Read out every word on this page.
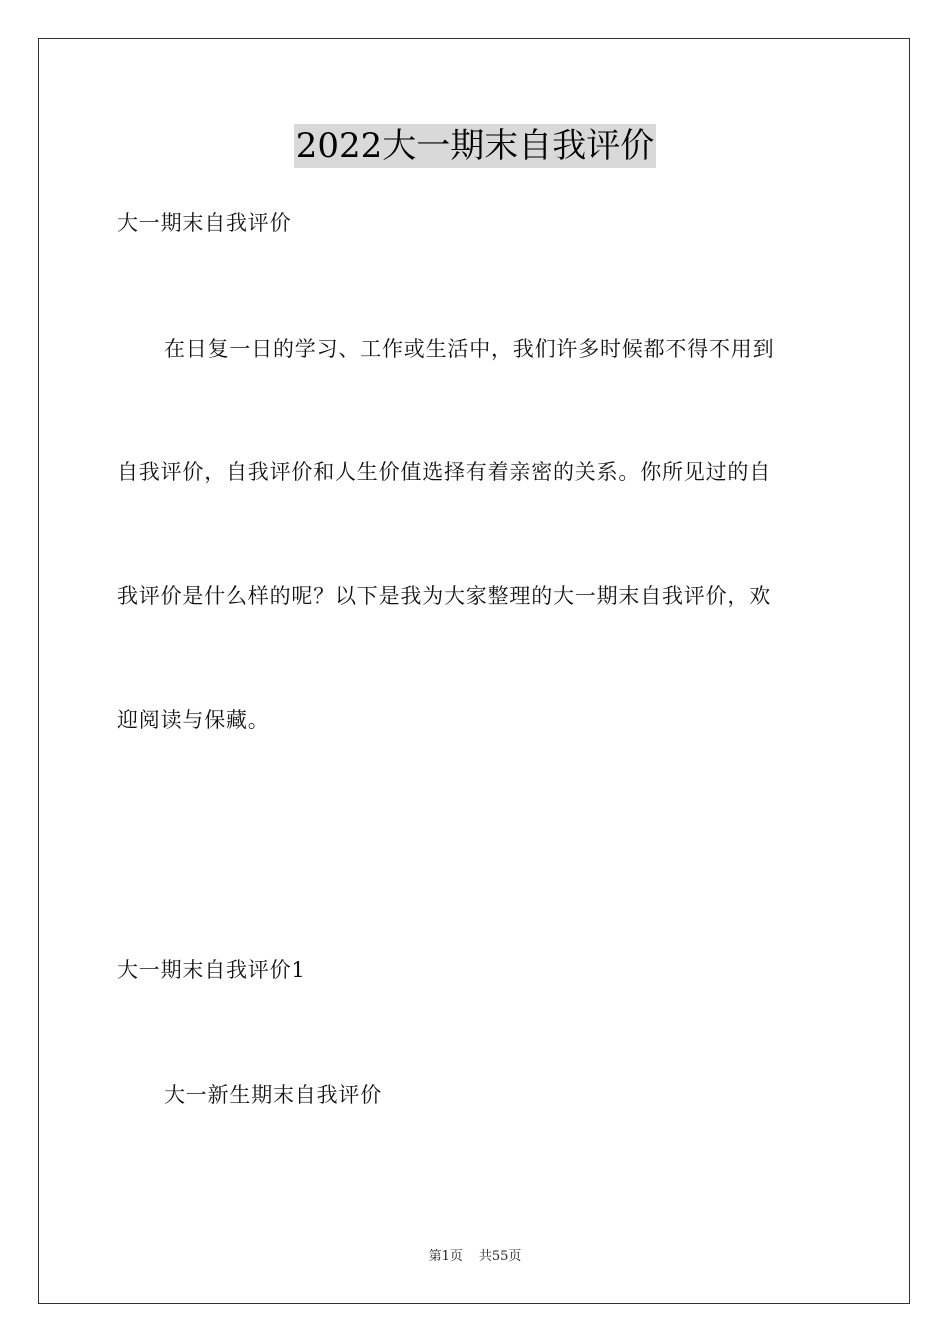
2022大一期末自我评价
大一期末自我评价
在日复一日的学习、工作或生活中，我们许多时候都不得不用到
自我评价，自我评价和人生价值选择有着亲密的关系。你所见过的自
我评价是什么样的呢？以下是我为大家整理的大一期末自我评价，欢
迎阅读与保藏。
大一期末自我评价1
大一新生期末自我评价
第1页 共55页
